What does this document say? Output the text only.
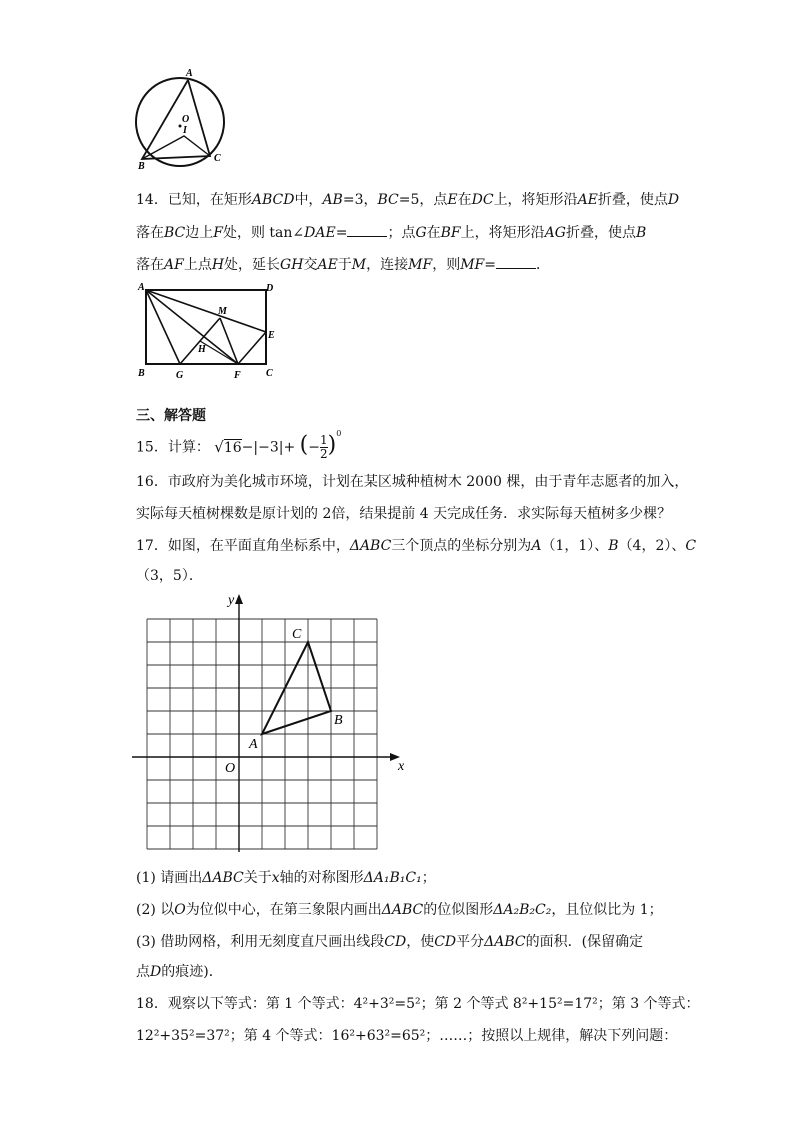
A
O
I
B
C
14．已知，在矩形ABCD中，AB=3，BC=5，点E在DC上，将矩形沿AE折叠，使点D
落在BC边上F处，则 tan∠DAE=	；点G在BF上，将矩形沿AG折叠，使点B
落在AF上点H处，延长GH交AE于M，连接MF，则MF=	．
A	D
M
E
H
B	G	F	C
三、解答题
15．计算： √16−|−3|+ (− $\frac{1}{2} )^0$
16．市政府为美化城市环境，计划在某区城种植树木 2000 棵，由于青年志愿者的加入，
实际每天植树棵数是原计划的 2倍，结果提前 4 天完成任务．求实际每天植树多少棵？
17．如图，在平面直角坐标系中，ΔABC三个顶点的坐标分别为A（1，1）、B（4，2）、C
（3，5）．
y
x
O
A
B
C
(1) 请画出ΔABC关于x轴的对称图形ΔA₁B₁C₁；
(2) 以O为位似中心，在第三象限内画出ΔABC的位似图形ΔA₂B₂C₂，且位似比为 1；
(3) 借助网格，利用无刻度直尺画出线段CD，使CD平分ΔABC的面积．(保留确定
点D的痕迹)．
18．观察以下等式：第 1 个等式：4²+3²=5²；第 2 个等式 8²+15²=17²；第 3 个等式：
12²+35²=37²；第 4 个等式：16²+63²=65²；……；按照以上规律，解决下列问题：
